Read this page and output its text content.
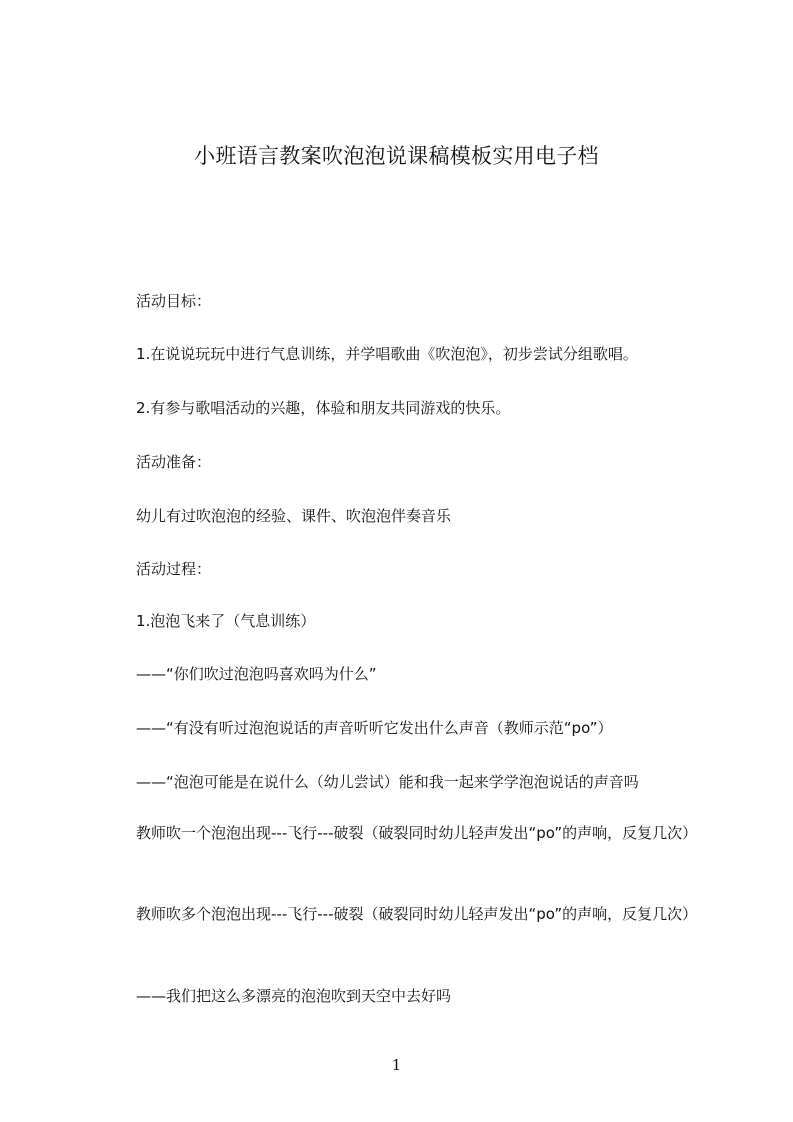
小班语言教案吹泡泡说课稿模板实用电子档

活动目标：

1.在说说玩玩中进行气息训练，并学唱歌曲《吹泡泡》，初步尝试分组歌唱。

2.有参与歌唱活动的兴趣，体验和朋友共同游戏的快乐。

活动准备：

幼儿有过吹泡泡的经验、课件、吹泡泡伴奏音乐

活动过程：

1.泡泡飞来了（气息训练）

——“你们吹过泡泡吗喜欢吗为什么”

——“有没有听过泡泡说话的声音听听它发出什么声音（教师示范“po”）

——“泡泡可能是在说什么（幼儿尝试）能和我一起来学学泡泡说话的声音吗

教师吹一个泡泡出现---飞行---破裂（破裂同时幼儿轻声发出“po”的声响，反复几次）

教师吹多个泡泡出现---飞行---破裂（破裂同时幼儿轻声发出“po”的声响，反复几次）

——我们把这么多漂亮的泡泡吹到天空中去好吗

1
